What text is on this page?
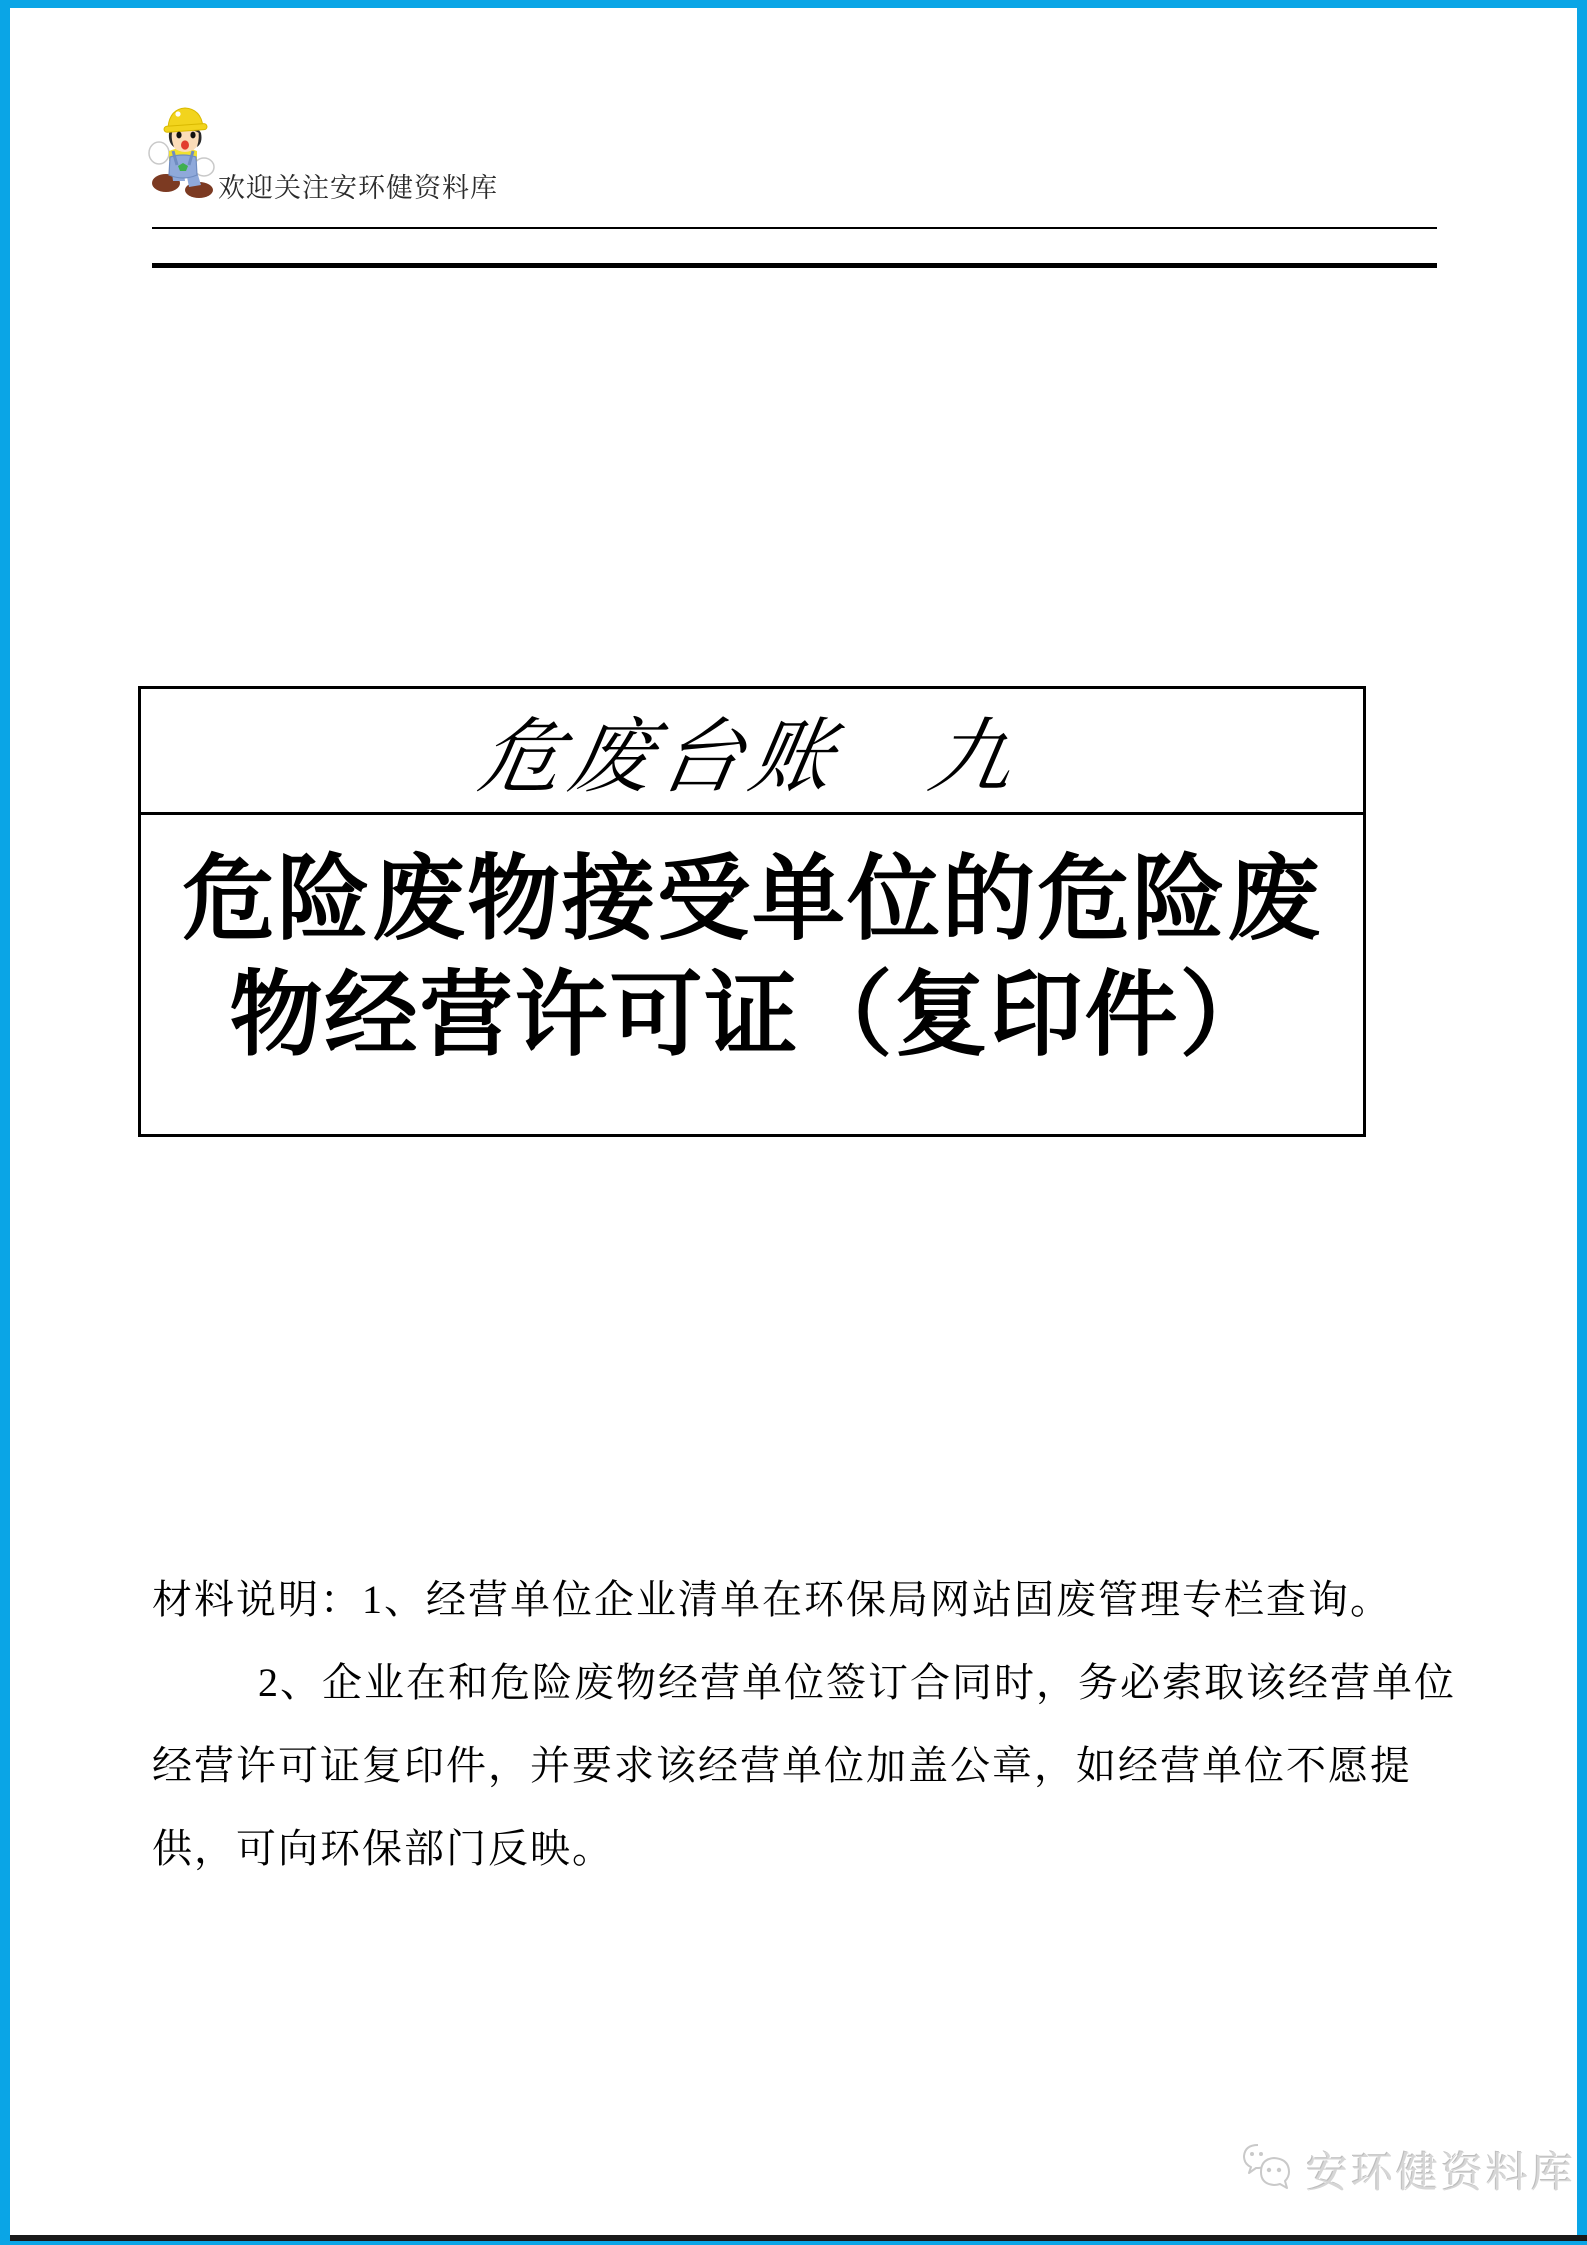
欢迎关注安环健资料库
危废台账　九
危险废物接受单位的危险废
物经营许可证（复印件）

材料说明：1、经营单位企业清单在环保局网站固废管理专栏查询。

2、企业在和危险废物经营单位签订合同时，务必索取该经营单位

经营许可证复印件，并要求该经营单位加盖公章，如经营单位不愿提

供，可向环保部门反映。

安环健资料库
